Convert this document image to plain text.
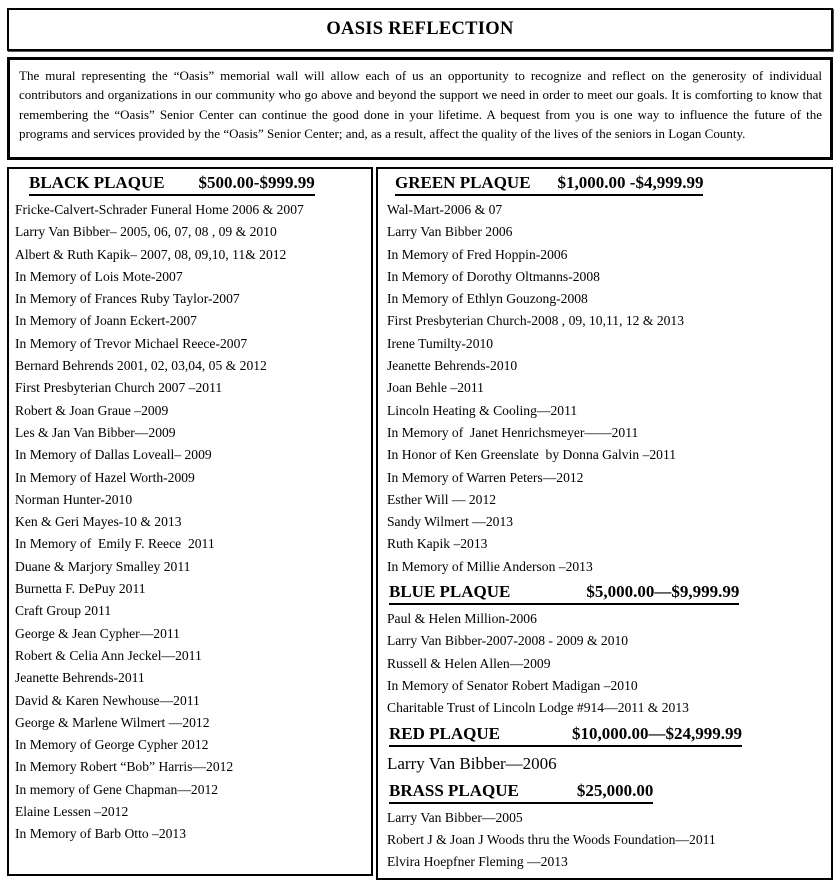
OASIS REFLECTION

The mural representing the “Oasis” memorial wall will allow each of us an opportunity to recognize and reflect on the generosity of individual contributors and organizations in our community who go above and beyond the support we need in order to meet our goals. It is comforting to know that remembering the “Oasis” Senior Center can continue the good done in your lifetime. A bequest from you is one way to influence the future of the programs and services provided by the “Oasis” Senior Center; and, as a result, affect the quality of the lives of the seniors in Logan County.

BLACK PLAQUE $500.00-$999.99
Fricke-Calvert-Schrader Funeral Home 2006 & 2007
Larry Van Bibber– 2005, 06, 07, 08 , 09 & 2010
Albert & Ruth Kapik– 2007, 08, 09,10, 11& 2012
In Memory of Lois Mote-2007
In Memory of Frances Ruby Taylor-2007
In Memory of Joann Eckert-2007
In Memory of Trevor Michael Reece-2007
Bernard Behrends 2001, 02, 03,04, 05 & 2012
First Presbyterian Church 2007 –2011
Robert & Joan Graue –2009
Les & Jan Van Bibber—2009
In Memory of Dallas Loveall– 2009
In Memory of Hazel Worth-2009
Norman Hunter-2010
Ken & Geri Mayes-10 & 2013
In Memory of  Emily F. Reece  2011
Duane & Marjory Smalley 2011
Burnetta F. DePuy 2011
Craft Group 2011
George & Jean Cypher—2011
Robert & Celia Ann Jeckel—2011
Jeanette Behrends-2011
David & Karen Newhouse—2011
George & Marlene Wilmert —2012
In Memory of George Cypher 2012
In Memory Robert “Bob” Harris—2012
In memory of Gene Chapman—2012
Elaine Lessen –2012
In Memory of Barb Otto –2013
GREEN PLAQUE $1,000.00 -$4,999.99
Wal-Mart-2006 & 07
Larry Van Bibber 2006
In Memory of Fred Hoppin-2006
In Memory of Dorothy Oltmanns-2008
In Memory of Ethlyn Gouzong-2008
First Presbyterian Church-2008 , 09, 10,11, 12 & 2013
Irene Tumilty-2010
Jeanette Behrends-2010
Joan Behle –2011
Lincoln Heating & Cooling—2011
In Memory of  Janet Henrichsmeyer——2011
In Honor of Ken Greenslate  by Donna Galvin –2011
In Memory of Warren Peters—2012
Esther Will — 2012
Sandy Wilmert —2013
Ruth Kapik –2013
In Memory of Millie Anderson –2013
BLUE PLAQUE	$5,000.00—$9,999.99
Paul & Helen Million-2006
Larry Van Bibber-2007-2008 - 2009 & 2010
Russell & Helen Allen—2009
In Memory of Senator Robert Madigan –2010
Charitable Trust of Lincoln Lodge #914—2011 & 2013
RED PLAQUE	$10,000.00—$24,999.99
Larry Van Bibber—2006
BRASS PLAQUE	$25,000.00
Larry Van Bibber—2005
Robert J & Joan J Woods thru the Woods Foundation—2011
Elvira Hoepfner Fleming —2013
